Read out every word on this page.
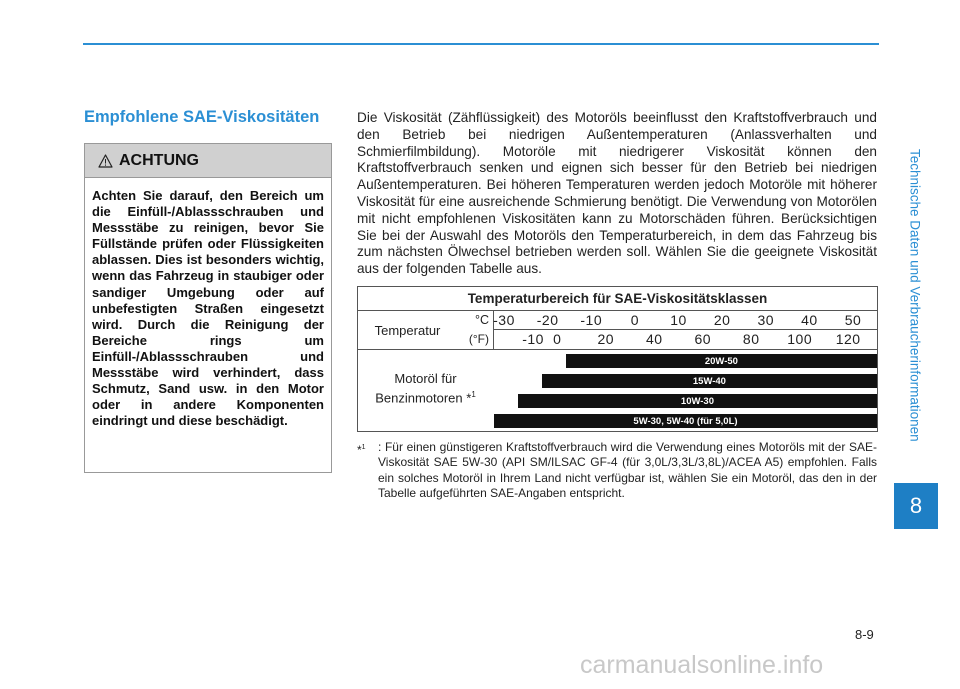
Technische Daten und Verbraucherinformationen
8
Empfohlene SAE-Viskositäten
ACHTUNG
Achten Sie darauf, den Bereich um die Einfüll-/Ablassschrauben und Messstäbe zu reinigen, bevor Sie Füllstände prüfen oder Flüssigkeiten ablassen. Dies ist besonders wichtig, wenn das Fahrzeug in staubiger oder sandiger Umgebung oder auf unbefestigten Straßen eingesetzt wird. Durch die Reinigung der Bereiche rings um Einfüll-/Ablassschrauben und Messstäbe wird verhindert, dass Schmutz, Sand usw. in den Motor oder in andere Komponenten eindringt und diese beschädigt.
Die Viskosität (Zähflüssigkeit) des Motoröls beeinflusst den Kraftstoffverbrauch und den Betrieb bei niedrigen Außentemperaturen (Anlassverhalten und Schmierfilmbildung). Motoröle mit niedrigerer Viskosität können den Kraftstoffverbrauch senken und eignen sich besser für den Betrieb bei niedrigen Außentemperaturen. Bei höheren Temperaturen werden jedoch Motoröle mit höherer Viskosität für eine ausreichende Schmierung benötigt. Die Verwendung von Motorölen mit nicht empfohlenen Viskositäten kann zu Motorschäden führen. Berücksichtigen Sie bei der Auswahl des Motoröls den Temperaturbereich, in dem das Fahrzeug bis zum nächsten Ölwechsel betrieben werden soll. Wählen Sie die geeignete Viskosität aus der folgenden Tabelle aus.
Temperaturbereich für SAE-Viskositätsklassen
Temperatur
°C
(°F)
Motoröl für
Benzinmotoren *$^1$
-30 -20 -10 0 10 20 30 40 50
-10 0	20 40 60 80 100 120
20W-50
15W-40
10W-30
5W-30, 5W-40 (für 5,0L)
*$^1$ : Für einen günstigeren Kraftstoffverbrauch wird die Verwendung eines Motoröls mit der SAE-Viskosität SAE 5W-30 (API SM/ILSAC GF-4 (für 3,0L/3,3L/3,8L)/ACEA A5) empfohlen. Falls ein solches Motoröl in Ihrem Land nicht verfügbar ist, wählen Sie ein Motoröl, das den in der Tabelle aufgeführten SAE-Angaben entspricht.
8-9
carmanualsonline.info
